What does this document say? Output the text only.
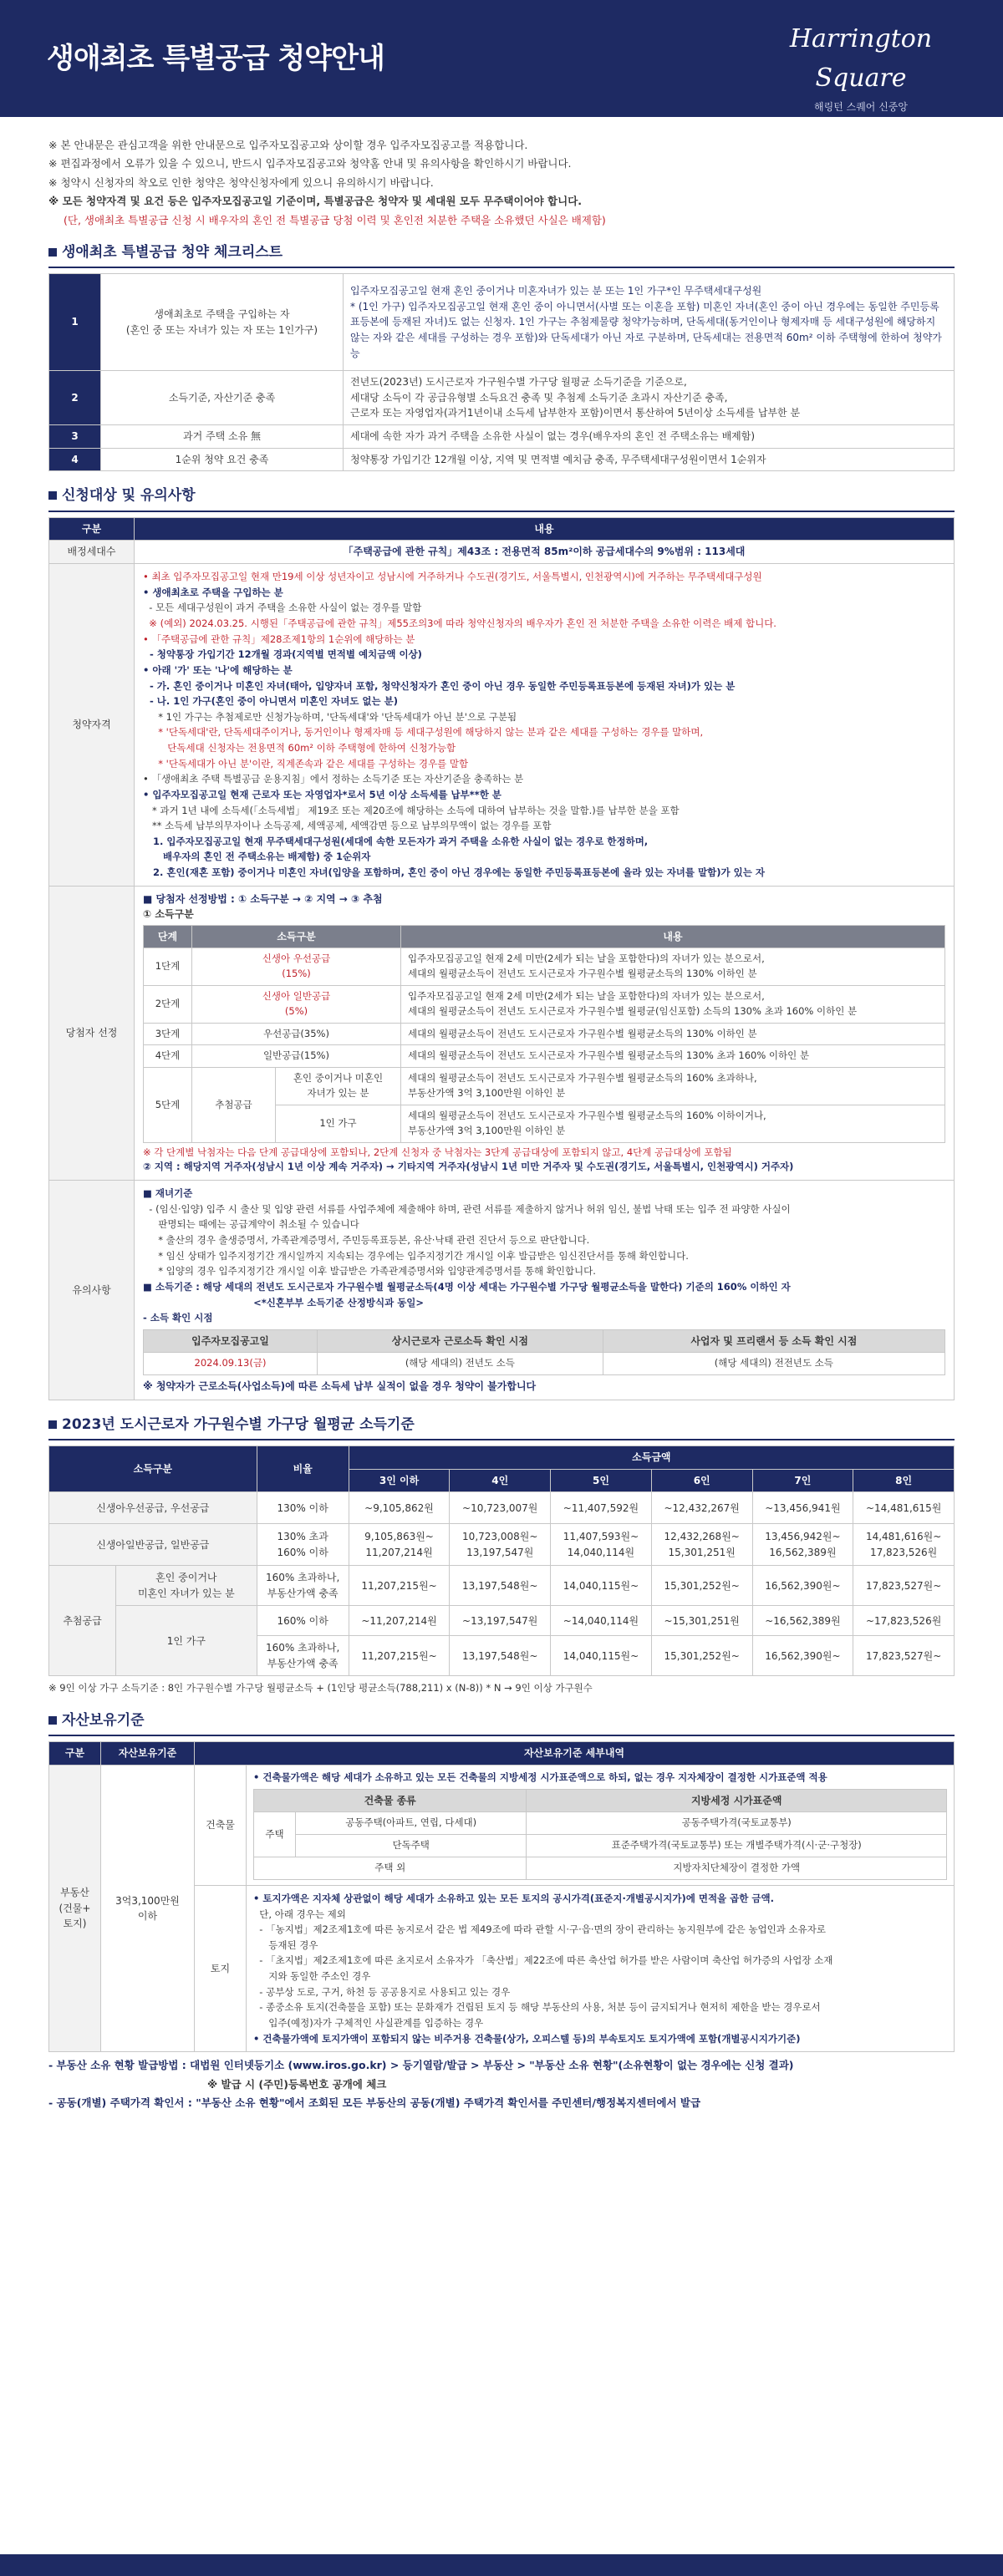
생애최초 특별공급 청약안내
Harrington Square
해링턴 스퀘어 신중앙

※ 본 안내문은 관심고객을 위한 안내문으로 입주자모집공고와 상이할 경우 입주자모집공고를 적용합니다.

※ 편집과정에서 오류가 있을 수 있으니, 반드시 입주자모집공고와 청약홈 안내 및 유의사항을 확인하시기 바랍니다.

※ 청약시 신청자의 착오로 인한 청약은 청약신청자에게 있으니 유의하시기 바랍니다.

※ 모든 청약자격 및 요건 등은 입주자모집공고일 기준이며, 특별공급은 청약자 및 세대원 모두 무주택이어야 합니다.

(단, 생애최초 특별공급 신청 시 배우자의 혼인 전 특별공급 당첨 이력 및 혼인전 처분한 주택을 소유했던 사실은 배제함)

생애최초 특별공급 청약 체크리스트
1	생애최초로 주택을 구입하는 자
(혼인 중 또는 자녀가 있는 자 또는 1인가구)	입주자모집공고일 현재 혼인 중이거나 미혼자녀가 있는 분 또는 1인 가구*인 무주택세대구성원
* (1인 가구) 입주자모집공고일 현재 혼인 중이 아니면서(사별 또는 이혼을 포함) 미혼인 자녀(혼인 중이 아닌 경우에는 동일한 주민등록표등본에 등재된 자녀)도 없는 신청자. 1인 가구는 추첨제물량 청약가능하며, 단독세대(동거인이나 형제자매 등 세대구성원에 해당하지 않는 자와 같은 세대를 구성하는 경우 포함)와 단독세대가 아닌 자로 구분하며, 단독세대는 전용면적 60m² 이하 주택형에 한하여 청약가능
2	소득기준, 자산기준 충족	전년도(2023년) 도시근로자 가구원수별 가구당 월평균 소득기준을 기준으로,
세대당 소득이 각 공급유형별 소득요건 충족 및 추첨제 소득기준 초과시 자산기준 충족,
근로자 또는 자영업자(과거1년이내 소득세 납부한자 포함)이면서 통산하여 5년이상 소득세를 납부한 분
3	과거 주택 소유 無	세대에 속한 자가 과거 주택을 소유한 사실이 없는 경우(배우자의 혼인 전 주택소유는 배제함)
4	1순위 청약 요건 충족	청약통장 가입기간 12개월 이상, 지역 및 면적별 예치금 충족, 무주택세대구성원이면서 1순위자
신청대상 및 유의사항
구분	내용
배정세대수	「주택공급에 관한 규칙」제43조 : 전용면적 85m²이하 공급세대수의 9%범위 : 113세대
청약자격	
• 최초 입주자모집공고일 현재 만19세 이상 성년자이고 성남시에 거주하거나 수도권(경기도, 서울특별시, 인천광역시)에 거주하는 무주택세대구성원
• 생애최초로 주택을 구입하는 분
- 모든 세대구성원이 과거 주택을 소유한 사실이 없는 경우를 말함
※ (예외) 2024.03.25. 시행된「주택공급에 관한 규칙」제55조의3에 따라 청약신청자의 배우자가 혼인 전 처분한 주택을 소유한 이력은 배제 합니다.
• 「주택공급에 관한 규칙」제28조제1항의 1순위에 해당하는 분
- 청약통장 가입기간 12개월 경과(지역별 면적별 예치금액 이상)
• 아래 '가' 또는 '나'에 해당하는 분
- 가. 혼인 중이거나 미혼인 자녀(태아, 입양자녀 포함, 청약신청자가 혼인 중이 아닌 경우 동일한 주민등록표등본에 등재된 자녀)가 있는 분
- 나. 1인 가구(혼인 중이 아니면서 미혼인 자녀도 없는 분)
* 1인 가구는 추첨제로만 신청가능하며, '단독세대'와 '단독세대가 아닌 분'으로 구분됨
* '단독세대'란, 단독세대주이거나, 동거인이나 형제자매 등 세대구성원에 해당하지 않는 분과 같은 세대를 구성하는 경우를 말하며,
단독세대 신청자는 전용면적 60m² 이하 주택형에 한하여 신청가능함
* '단독세대가 아닌 분'이란, 직계존속과 같은 세대를 구성하는 경우를 말함
• 「생애최초 주택 특별공급 운용지침」에서 정하는 소득기준 또는 자산기준을 충족하는 분
• 입주자모집공고일 현재 근로자 또는 자영업자*로서 5년 이상 소득세를 납부**한 분
* 과거 1년 내에 소득세(「소득세법」 제19조 또는 제20조에 해당하는 소득에 대하여 납부하는 것을 말함.)를 납부한 분을 포함
** 소득세 납부의무자이나 소득공제, 세액공제, 세액감면 등으로 납부의무액이 없는 경우를 포함
1. 입주자모집공고일 현재 무주택세대구성원(세대에 속한 모든자가 과거 주택을 소유한 사실이 없는 경우로 한정하며,
배우자의 혼인 전 주택소유는 배제함) 중 1순위자
2. 혼인(재혼 포함) 중이거나 미혼인 자녀(입양을 포함하며, 혼인 중이 아닌 경우에는 동일한 주민등록표등본에 올라 있는 자녀를 말함)가 있는 자

당첨자 선정	
■ 당첨자 선정방법 : ① 소득구분 → ② 지역 → ③ 추첨
① 소득구분
단계	소득구분	내용
1단계	신생아 우선공급
(15%)	입주자모집공고일 현재 2세 미만(2세가 되는 날을 포함한다)의 자녀가 있는 분으로서,
세대의 월평균소득이 전년도 도시근로자 가구원수별 월평균소득의 130% 이하인 분
2단계	신생아 일반공급
(5%)	입주자모집공고일 현재 2세 미만(2세가 되는 날을 포함한다)의 자녀가 있는 분으로서,
세대의 월평균소득이 전년도 도시근로자 가구원수별 월평균(임신포함) 소득의 130% 초과 160% 이하인 분
3단계	우선공급(35%)	세대의 월평균소득이 전년도 도시근로자 가구원수별 월평균소득의 130% 이하인 분
4단계	일반공급(15%)	세대의 월평균소득이 전년도 도시근로자 가구원수별 월평균소득의 130% 초과 160% 이하인 분
5단계	추첨공급	혼인 중이거나 미혼인
자녀가 있는 분	세대의 월평균소득이 전년도 도시근로자 가구원수별 월평균소득의 160% 초과하나,
부동산가액 3억 3,100만원 이하인 분
1인 가구	세대의 월평균소득이 전년도 도시근로자 가구원수별 월평균소득의 160% 이하이거나,
부동산가액 3억 3,100만원 이하인 분
※ 각 단계별 낙첨자는 다음 단계 공급대상에 포함되나, 2단계 신청자 중 낙첨자는 3단계 공급대상에 포함되지 않고, 4단계 공급대상에 포함됨
② 지역 : 해당지역 거주자(성남시 1년 이상 계속 거주자) → 기타지역 거주자(성남시 1년 미만 거주자 및 수도권(경기도, 서울특별시, 인천광역시) 거주자)

유의사항	
■ 재녀기준
- (임신·입양) 입주 시 출산 및 입양 관련 서류를 사업주체에 제출해야 하며, 관련 서류를 제출하지 않거나 허위 임신, 불법 낙태 또는 입주 전 파양한 사실이
판명되는 때에는 공급계약이 취소될 수 있습니다
* 출산의 경우 출생증명서, 가족관계증명서, 주민등록표등본, 유산·낙태 관련 진단서 등으로 판단합니다.
* 임신 상태가 입주지정기간 개시일까지 지속되는 경우에는 입주지정기간 개시일 이후 발급받은 임신진단서를 통해 확인합니다.
* 입양의 경우 입주지정기간 개시일 이후 발급받은 가족관계증명서와 입양관계증명서를 통해 확인합니다.
■ 소득기준 : 해당 세대의 전년도 도시근로자 가구원수별 월평균소득(4명 이상 세대는 가구원수별 가구당 월평균소득을 말한다) 기준의 160% 이하인 자
<*신혼부부 소득기준 산정방식과 동일>
- 소득 확인 시점
입주자모집공고일	상시근로자 근로소득 확인 시점	사업자 및 프리랜서 등 소득 확인 시점
2024.09.13(금)	(해당 세대의) 전년도 소득	(해당 세대의) 전전년도 소득
※ 청약자가 근로소득(사업소득)에 따른 소득세 납부 실적이 없을 경우 청약이 불가합니다
2023년 도시근로자 가구원수별 가구당 월평균 소득기준
소득구분		비율	소득금액					
			3인 이하	4인	5인	6인	7인	8인
신생아우선공급, 우선공급		130% 이하	~9,105,862원	~10,723,007원	~11,407,592원	~12,432,267원	~13,456,941원	~14,481,615원
신생아일반공급, 일반공급		130% 초과
160% 이하	9,105,863원~
11,207,214원	10,723,008원~
13,197,547원	11,407,593원~
14,040,114원	12,432,268원~
15,301,251원	13,456,942원~
16,562,389원	14,481,616원~
17,823,526원
추첨공급	혼인 중이거나
미혼인 자녀가 있는 분	160% 초과하나,
부동산가액 충족	11,207,215원~	13,197,548원~	14,040,115원~	15,301,252원~	16,562,390원~	17,823,527원~
	1인 가구	160% 이하	~11,207,214원	~13,197,547원	~14,040,114원	~15,301,251원	~16,562,389원	~17,823,526원
		160% 초과하나,
부동산가액 충족	11,207,215원~	13,197,548원~	14,040,115원~	15,301,252원~	16,562,390원~	17,823,527원~
※ 9인 이상 가구 소득기준 : 8인 가구원수별 가구당 월평균소득 + (1인당 평균소득(788,211) x (N-8)) * N → 9인 이상 가구원수
자산보유기준
구분	자산보유기준	자산보유기준 세부내역
부동산
(건물+
토지)	3억3,100만원
이하	건축물	
• 건축물가액은 해당 세대가 소유하고 있는 모든 건축물의 지방세정 시가표준액으로 하되, 없는 경우 지자체장이 결정한 시가표준액 적용
건축물 종류	지방세정 시가표준액
주택	공동주택(아파트, 연립, 다세대)	공동주택가격(국토교통부)
단독주택	표준주택가격(국토교통부) 또는 개별주택가격(시·군·구청장)
주택 외	지방자치단체장이 결정한 가액

토지	
• 토지가액은 지자체 상관없이 해당 세대가 소유하고 있는 모든 토지의 공시가격(표준지·개별공시지가)에 면적을 곱한 금액.
단, 아래 경우는 제외
- 「농지법」제2조제1호에 따른 농지로서 같은 법 제49조에 따라 관할 시·구·읍·면의 장이 관리하는 농지원부에 같은 농업인과 소유자로
등재된 경우
- 「초지법」제2조제1호에 따른 초지로서 소유자가 「축산법」제22조에 따른 축산업 허가를 받은 사람이며 축산업 허가증의 사업장 소재
지와 동일한 주소인 경우
- 공부상 도로, 구거, 하천 등 공공용지로 사용되고 있는 경우
- 종중소유 토지(건축물을 포함) 또는 문화재가 건립된 토지 등 해당 부동산의 사용, 처분 등이 금지되거나 현저히 제한을 받는 경우로서
입주(예정)자가 구체적인 사실관계를 입증하는 경우
• 건축물가액에 토지가액이 포함되지 않는 비주거용 건축물(상가, 오피스텔 등)의 부속토지도 토지가액에 포함(개별공시지가기준)

- 부동산 소유 현황 발급방법 : 대법원 인터넷등기소 (www.iros.go.kr) > 등기열람/발급 > 부동산 > "부동산 소유 현황"(소유현황이 없는 경우에는 신청 결과)

※ 발급 시 (주민)등록번호 공개에 체크

- 공동(개별) 주택가격 확인서 : "부동산 소유 현황"에서 조회된 모든 부동산의 공동(개별) 주택가격 확인서를 주민센터/행정복지센터에서 발급
